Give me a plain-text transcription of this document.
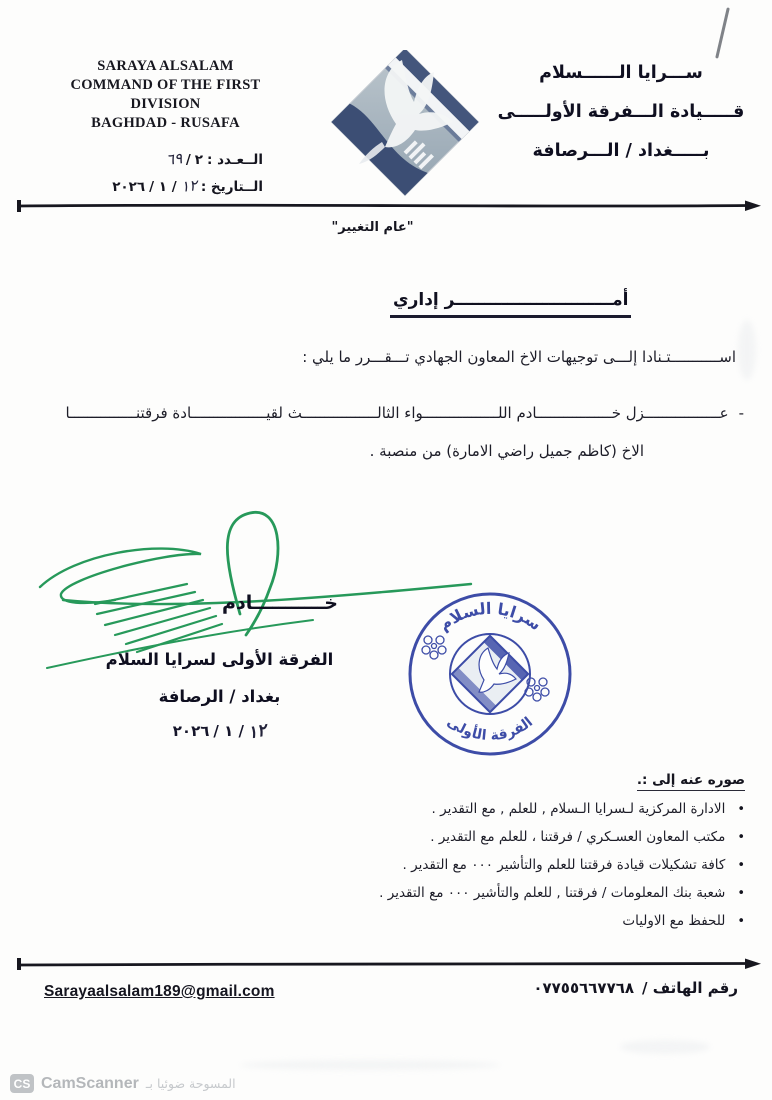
SARAYA ALSALAM
COMMAND OF THE FIRST
DIVISION
BAGHDAD - RUSAFA
الــعـدد :
٢
/
٦٩
الــتاريخ :
١٢
/ ١ /
٢٠٢٦
ســـرايا الــــــسلام
قـــــيادة الـــفرقة الأولـــــى
بـــــغداد / الـــرصافة
"عام التغيير"
أمـــــــــــــــــــــــــــر إداري
اســـــــــــتـنادا إلـــى توجيهات الاخ المعاون الجهادي تـــقـــرر ما يلي :
-
عـــــــــــــــــزل خـــــــــــــــــادم اللـــــــــــــــــواء الثالـــــــــــــــــث لقيـــــــــــــــــادة فرقتنـــــــــــــــا
الاخ (كاظم جميل راضي الامارة) من منصبة .
خـــــــــــادم
الفرقة الأولى لسرايا السلام
بغداد / الرصافة
٢٠٢٦ / ١ / ١٢
سرايا السلام
الفرقة الأولى
صوره عنه إلى :.
•
الادارة المركزية لـسرايا الـسلام , للعلم , مع التقدير .
•
مكتب المعاون العسـكري / فرقتنا ، للعلم مع التقدير .
•
كافة تشكيلات قيادة فرقتنا للعلم والتأشير ٠٠٠ مع التقدير .
•
شعبة بنك المعلومات / فرقتنا , للعلم والتأشير ٠٠٠ مع التقدير .
•
للحفظ مع الاوليات
Sarayaalsalam189@gmail.com	رقم الهاتف /
٠٧٧٥٥٦٦٧٧٦٨
CS CamScanner المسوحة ضوئيا بـ
